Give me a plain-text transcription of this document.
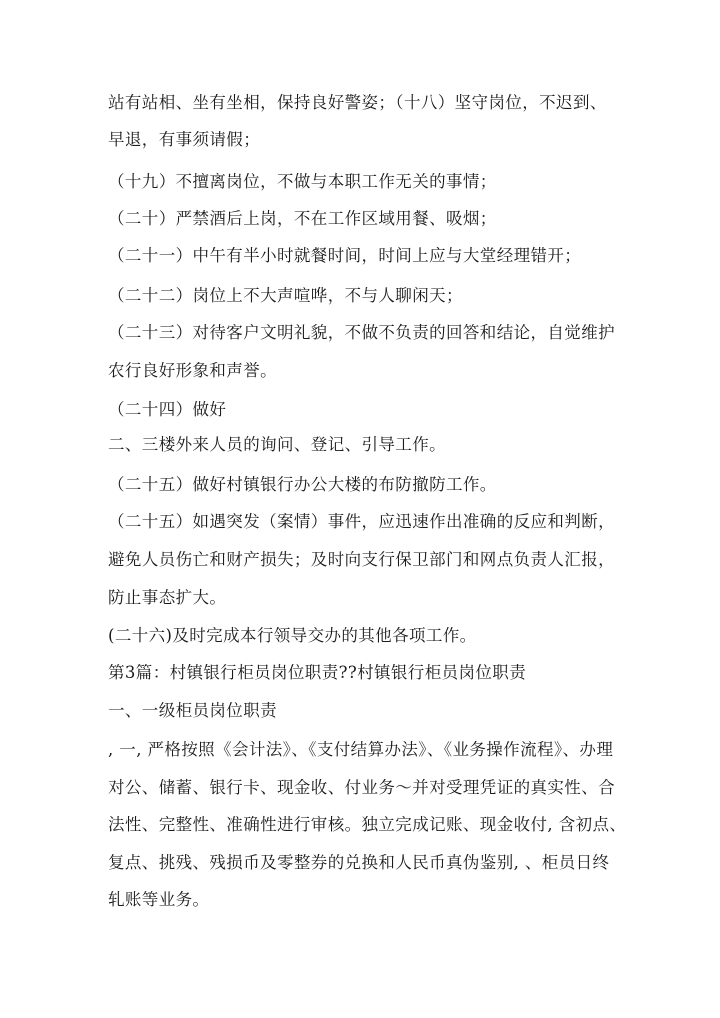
站有站相、坐有坐相，保持良好警姿；（十八）坚守岗位，不迟到、

早退，有事须请假；

（十九）不擅离岗位，不做与本职工作无关的事情；

（二十）严禁酒后上岗，不在工作区域用餐、吸烟；

（二十一）中午有半小时就餐时间，时间上应与大堂经理错开；

（二十二）岗位上不大声喧哗，不与人聊闲天；

（二十三）对待客户文明礼貌，不做不负责的回答和结论，自觉维护

农行良好形象和声誉。

（二十四）做好

二、三楼外来人员的询问、登记、引导工作。

（二十五）做好村镇银行办公大楼的布防撤防工作。

（二十五）如遇突发（案情）事件，应迅速作出准确的反应和判断，

避免人员伤亡和财产损失；及时向支行保卫部门和网点负责人汇报，

防止事态扩大。

(二十六)及时完成本行领导交办的其他各项工作。

第3篇：村镇银行柜员岗位职责??村镇银行柜员岗位职责

一、一级柜员岗位职责

, 一, 严格按照《会计法》、《支付结算办法》、《业务操作流程》、办理

对公、储蓄、银行卡、现金收、付业务～并对受理凭证的真实性、合

法性、完整性、准确性进行审核。独立完成记账、现金收付, 含初点、

复点、挑残、残损币及零整券的兑换和人民币真伪鉴别, 、柜员日终

轧账等业务。
